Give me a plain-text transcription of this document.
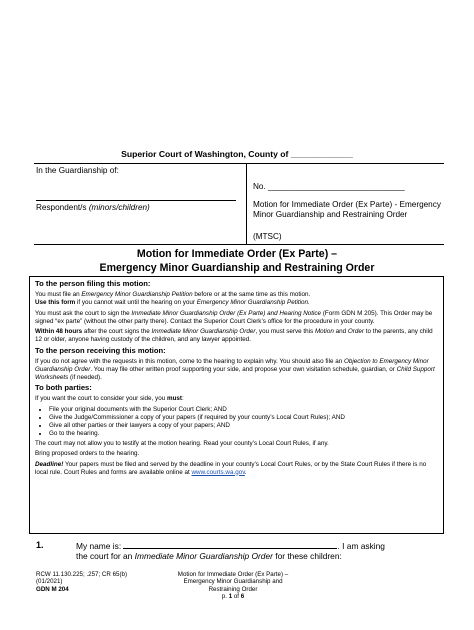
Superior Court of Washington, County of _____________
In the Guardianship of:
Respondent/s (minors/children)
No. ______________________________
Motion for Immediate Order (Ex Parte) - Emergency Minor Guardianship and Restraining Order
(MTSC)
Motion for Immediate Order (Ex Parte) –
Emergency Minor Guardianship and Restraining Order
To the person filing this motion:

You must file an Emergency Minor Guardianship Petition before or at the same time as this motion.
Use this form if you cannot wait until the hearing on your Emergency Minor Guardianship Petition.

You must ask the court to sign the Immediate Minor Guardianship Order (Ex Parte) and Hearing Notice (Form GDN M 205). This Order may be signed “ex parte” (without the other party there). Contact the Superior Court Clerk’s office for the procedure in your county.

Within 48 hours after the court signs the Immediate Minor Guardianship Order, you must serve this Motion and Order to the parents, any child 12 or older, anyone having custody of the children, and any lawyer appointed.

To the person receiving this motion:

If you do not agree with the requests in this motion, come to the hearing to explain why. You should also file an Objection to Emergency Minor Guardianship Order. You may file other written proof supporting your side, and propose your own visitation schedule, guardian, or Child Support Worksheets (if needed).

To both parties:

If you want the court to consider your side, you must:

• File your original documents with the Superior Court Clerk; AND
• Give the Judge/Commissioner a copy of your papers (if required by your county’s Local Court Rules); AND
• Give all other parties or their lawyers a copy of your papers; AND
• Go to the hearing.

The court may not allow you to testify at the motion hearing. Read your county’s Local Court Rules, if any.

Bring proposed orders to the hearing.

Deadline! Your papers must be filed and served by the deadline in your county’s Local Court Rules, or by the State Court Rules if there is no local rule. Court Rules and forms are available online at www.courts.wa.gov.

1.	My name is:	. I am asking
the court for an Immediate Minor Guardianship Order for these children:
RCW 11.130.225; .257; CR 65(b)
(01/2021)
GDN M 204
Motion for Immediate Order (Ex Parte) –
Emergency Minor Guardianship and
Restraining Order
p. 1 of 6
